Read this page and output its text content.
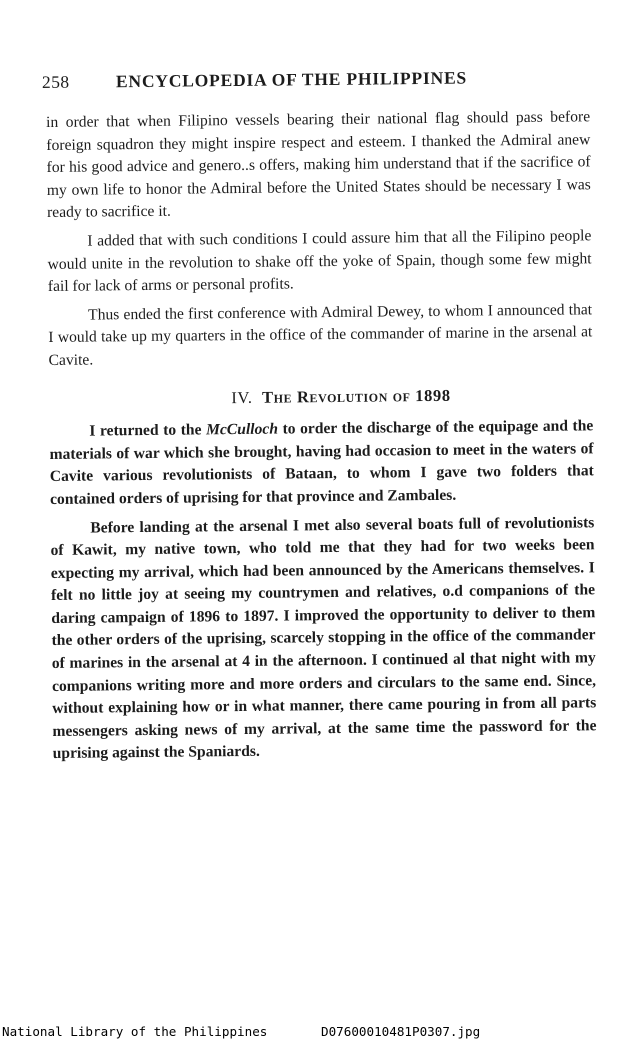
258	ENCYCLOPEDIA OF THE PHILIPPINES

in order that when Filipino vessels bearing their national flag should pass before foreign squadron they might inspire respect and esteem. I thanked the Admiral anew for his good advice and genero..s offers, making him understand that if the sacrifice of my own life to honor the Admiral before the United States should be necessary I was ready to sacrifice it.

I added that with such conditions I could assure him that all the Filipino people would unite in the revolution to shake off the yoke of Spain, though some few might fail for lack of arms or personal profits.

Thus ended the first conference with Admiral Dewey, to whom I announced that I would take up my quarters in the office of the commander of marine in the arsenal at Cavite.

IV. The Revolution of 1898

I returned to the McCulloch to order the discharge of the equipage and the materials of war which she brought, having had occasion to meet in the waters of Cavite various revolutionists of Bataan, to whom I gave two folders that contained orders of uprising for that province and Zambales.

Before landing at the arsenal I met also several boats full of revolutionists of Kawit, my native town, who told me that they had for two weeks been expecting my arrival, which had been announced by the Americans themselves. I felt no little joy at seeing my countrymen and relatives, o.d companions of the daring campaign of 1896 to 1897. I improved the opportunity to deliver to them the other orders of the uprising, scarcely stopping in the office of the commander of marines in the arsenal at 4 in the afternoon. I continued al that night with my companions writing more and more orders and circulars to the same end. Since, without explaining how or in what manner, there came pouring in from all parts messengers asking news of my arrival, at the same time the password for the uprising against the Spaniards.

National Library of the Philippines	D07600010481P0307.jpg
